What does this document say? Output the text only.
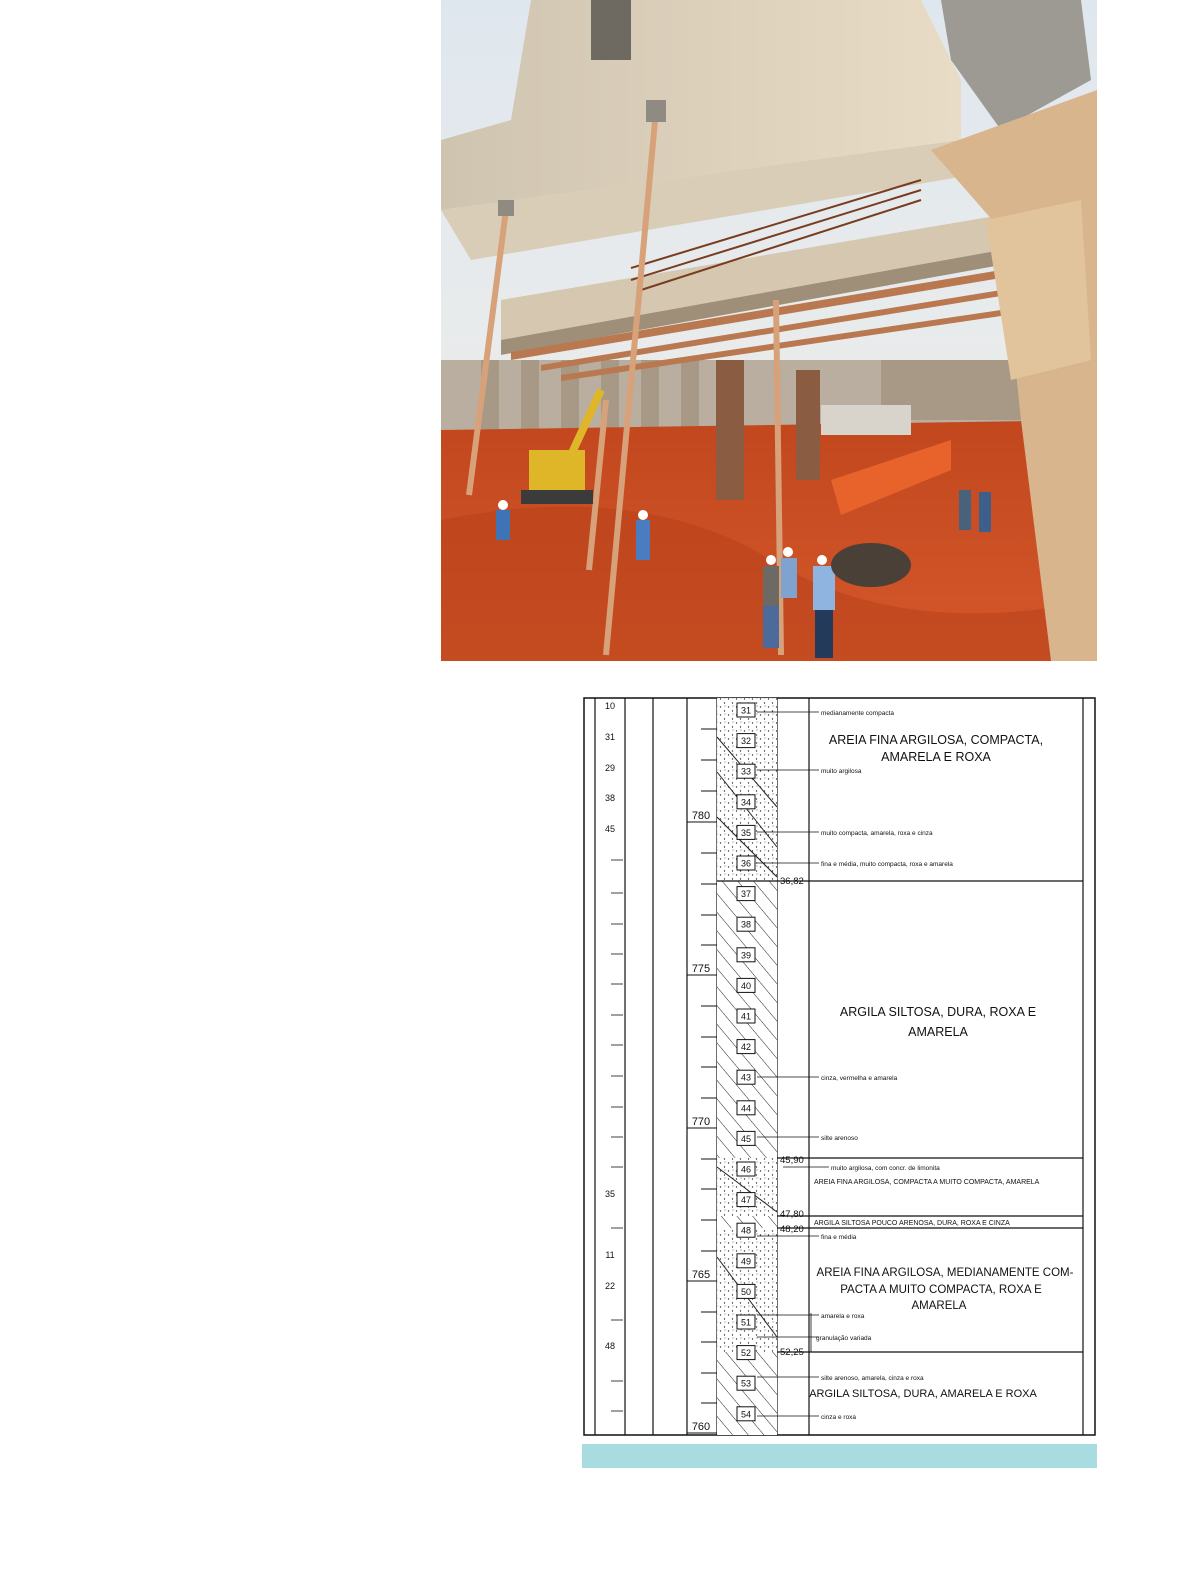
10
31
29
38
45
35
11
22
48
780
775
770
765
760
31
32
33
34
35
36
37
38
39
40
41
42
43
44
45
46
47
48
49
50
51
52
53
54
36,82
45,90
47,80
48,20
52,25
AREIA FINA ARGILOSA, COMPACTA,
AMARELA E ROXA
ARGILA SILTOSA, DURA, ROXA E
AMARELA
AREIA FINA ARGILOSA, COMPACTA A MUITO COMPACTA, AMARELA
ARGILA SILTOSA POUCO ARENOSA, DURA, ROXA E CINZA
AREIA FINA ARGILOSA, MEDIANAMENTE COM-
PACTA A MUITO COMPACTA, ROXA E
AMARELA
ARGILA SILTOSA, DURA, AMARELA E ROXA
medianamente compacta
muito argilosa
muito compacta, amarela, roxa e cinza
fina e média, muito compacta, roxa e amarela
cinza, vermelha e amarela
silte arenoso
muito argilosa, com concr. de limonita
fina e média
amarela e roxa
granulação variada
silte arenoso, amarela, cinza e roxa
cinza e roxa
